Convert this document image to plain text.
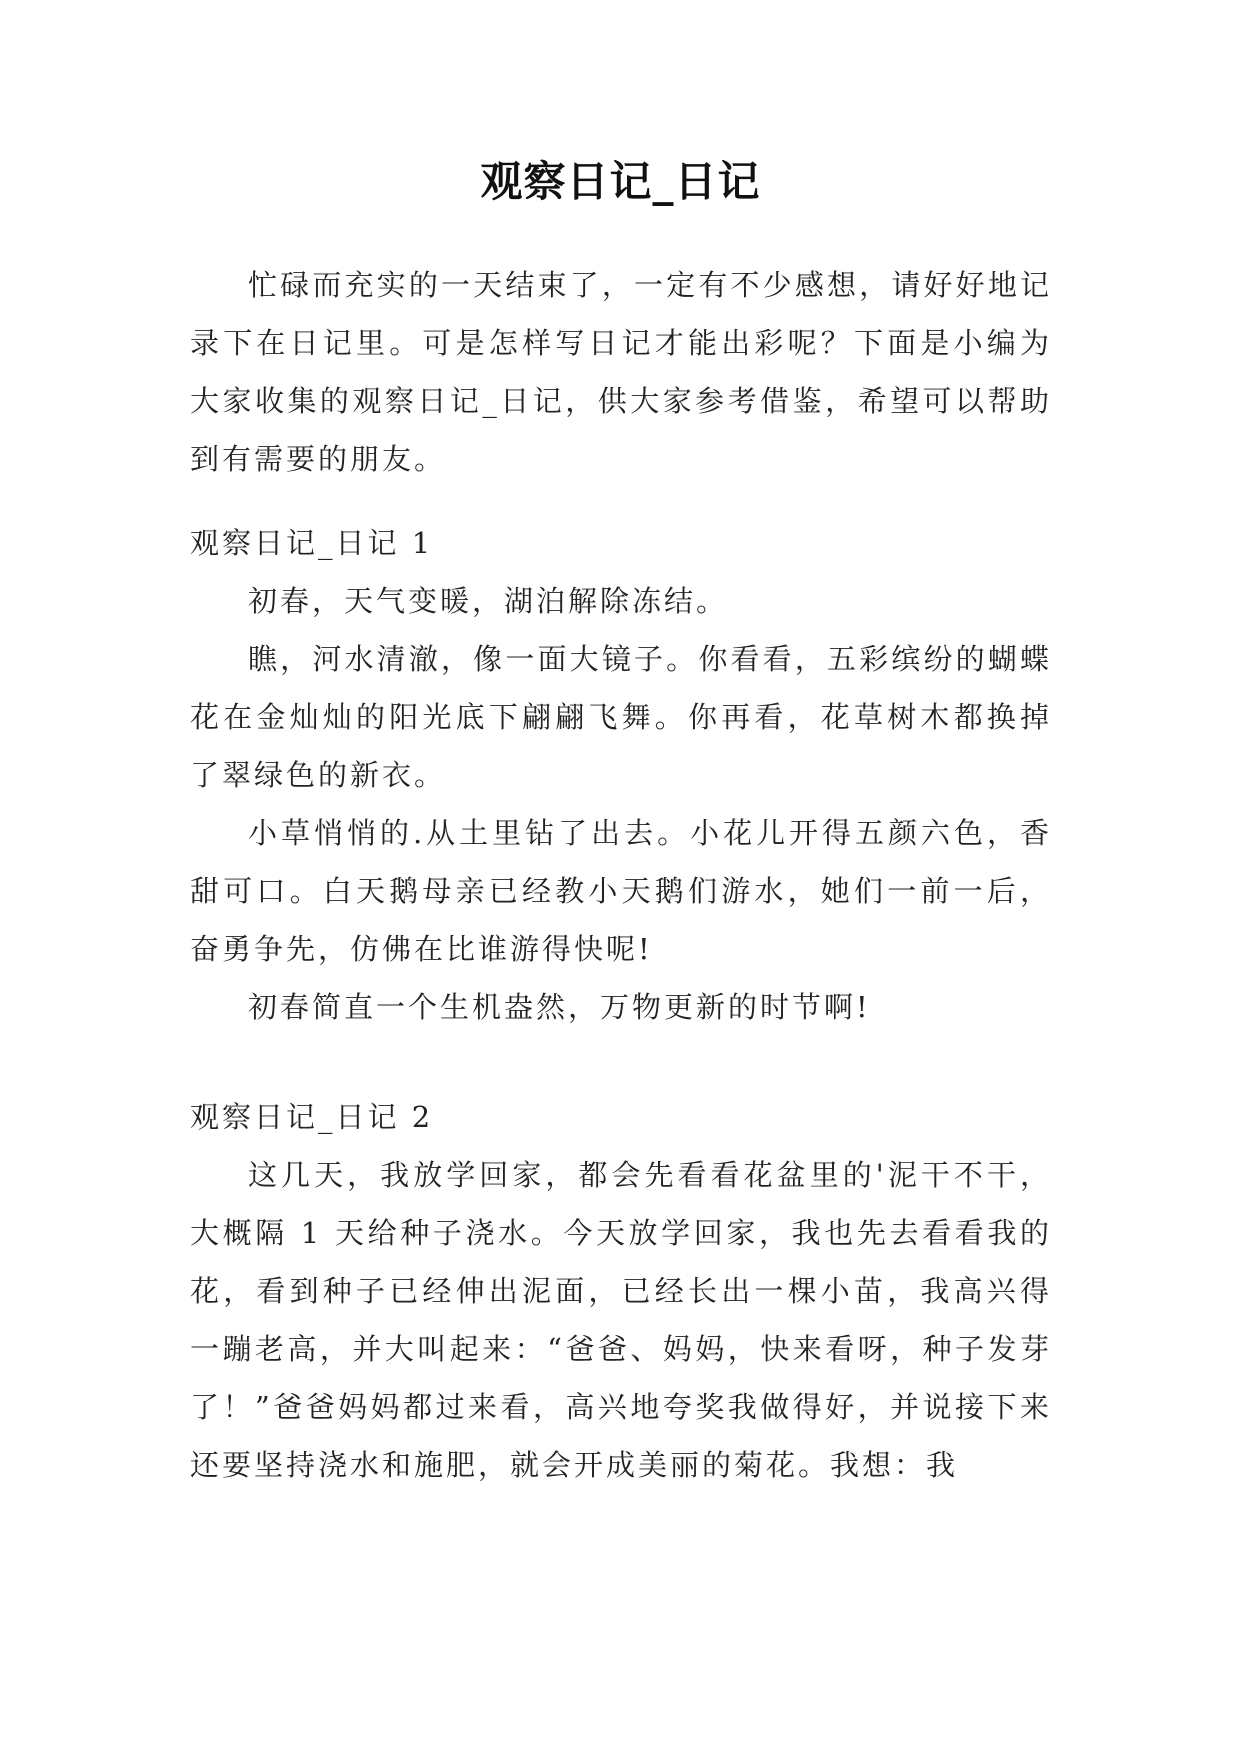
观察日记_日记

忙碌而充实的一天结束了，一定有不少感想，请好好地记录下在日记里。可是怎样写日记才能出彩呢？下面是小编为大家收集的观察日记_日记，供大家参考借鉴，希望可以帮助到有需要的朋友。

观察日记_日记 1

初春，天气变暖，湖泊解除冻结。

瞧，河水清澈，像一面大镜子。你看看，五彩缤纷的蝴蝶花在金灿灿的阳光底下翩翩飞舞。你再看，花草树木都换掉了翠绿色的新衣。

小草悄悄的.从土里钻了出去。小花儿开得五颜六色，香甜可口。白天鹅母亲已经教小天鹅们游水，她们一前一后，奋勇争先，仿佛在比谁游得快呢!

初春简直一个生机盎然，万物更新的时节啊!

观察日记_日记 2

这几天，我放学回家，都会先看看花盆里的'泥干不干，大概隔 1 天给种子浇水。今天放学回家，我也先去看看我的花，看到种子已经伸出泥面，已经长出一棵小苗，我高兴得一蹦老高，并大叫起来：“爸爸、妈妈，快来看呀，种子发芽了！”爸爸妈妈都过来看，高兴地夸奖我做得好，并说接下来还要坚持浇水和施肥，就会开成美丽的菊花。我想：我
